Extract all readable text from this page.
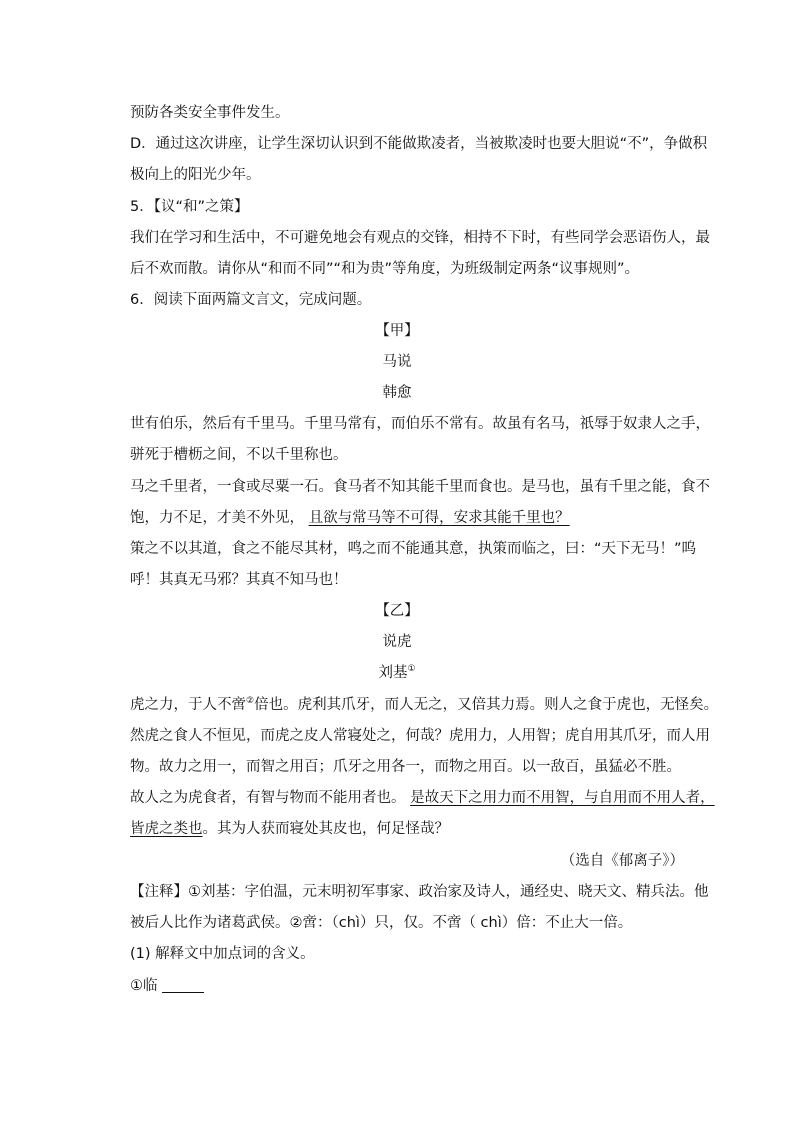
预防各类安全事件发生。
D．通过这次讲座，让学生深切认识到不能做欺凌者，当被欺凌时也要大胆说“不”，争做积
极向上的阳光少年。
5．【议“和”之策】
我们在学习和生活中，不可避免地会有观点的交锋，相持不下时，有些同学会恶语伤人，最
后不欢而散。请你从“和而不同”“和为贵”等角度，为班级制定两条“议事规则”。
6．阅读下面两篇文言文，完成问题。
【甲】
马说
韩愈
世有伯乐，然后有千里马。千里马常有，而伯乐不常有。故虽有名马，祇辱于奴隶人之手，
骈死于槽枥之间，不以千里称也。
马之千里者，一食或尽粟一石。食马者不知其能千里而食也。是马也，虽有千里之能，食不
饱，力不足，才美不外见， 且欲与常马等不可得，安求其能千里也？
策之不以其道，食之不能尽其材，鸣之而不能通其意，执策而临之，曰：“天下无马！”呜
呼！其真无马邪？其真不知马也！
【乙】
说虎
刘基①
虎之力，于人不啻②倍也。虎利其爪牙，而人无之，又倍其力焉。则人之食于虎也，无怪矣。
然虎之食人不恒见，而虎之皮人常寝处之，何哉？虎用力，人用智；虎自用其爪牙，而人用
物。故力之用一，而智之用百；爪牙之用各一，而物之用百。以一敌百，虽猛必不胜。
故人之为虎食者，有智与物而不能用者也。 是故天下之用力而不用智，与自用而不用人者，
皆虎之类也。其为人获而寝处其皮也，何足怪哉？
（选自《郁离子》）
【注释】①刘基：字伯温，元末明初军事家、政治家及诗人，通经史、晓天文、精兵法。他
被后人比作为诸葛武侯。②啻：（chì）只，仅。不啻（ chì）倍：不止大一倍。
(1) 解释文中加点词的含义。
①临
